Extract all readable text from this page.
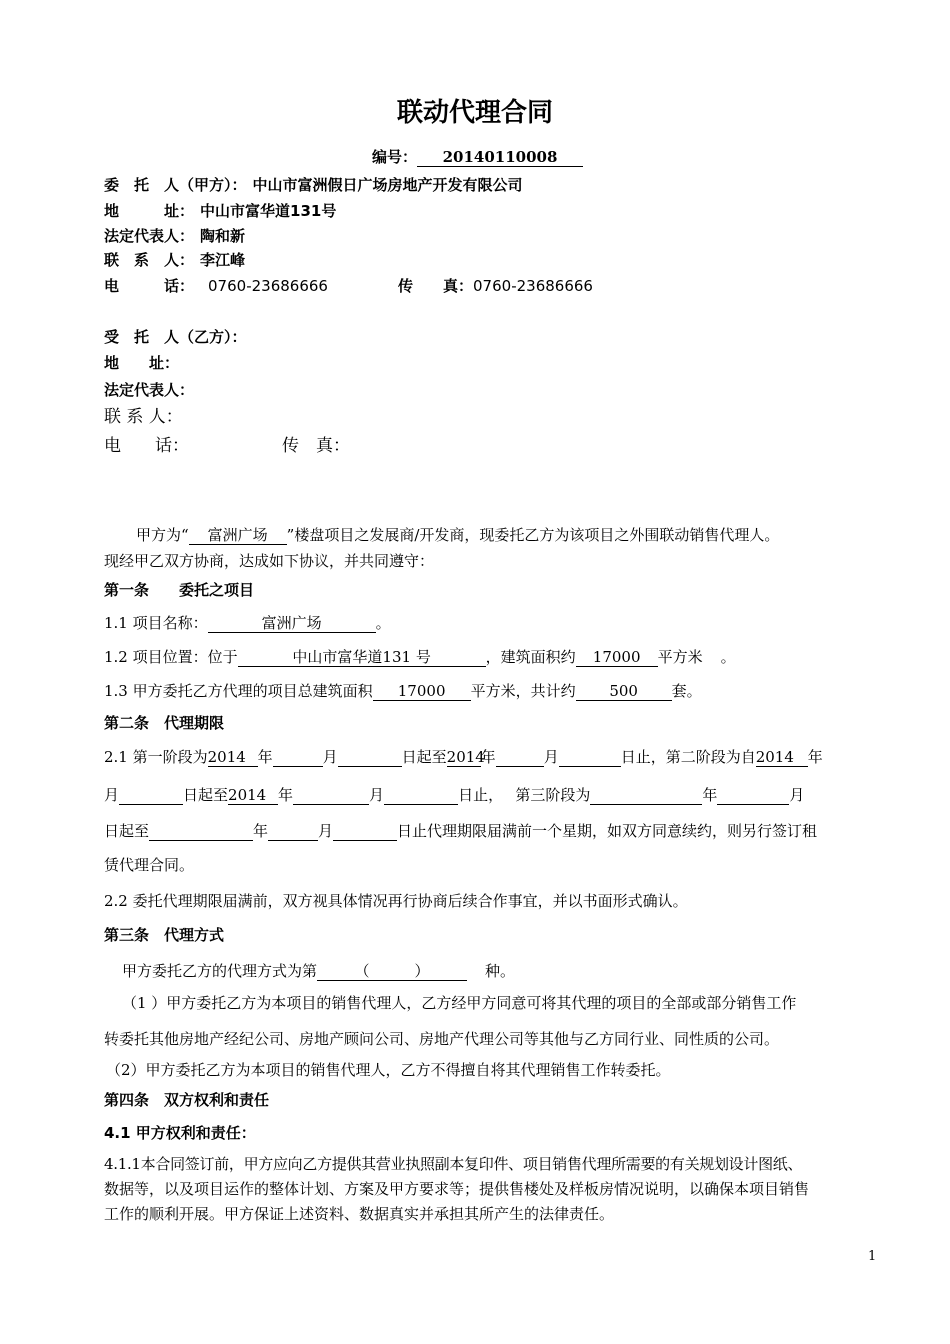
联动代理合同
编号： 20140110008
委　托　人（甲方）： 中山市富洲假日广场房地产开发有限公司
地　　　址： 中山市富华道131号
法定代表人： 陶和新
联　系　人： 李江峰
电　　　话： 0760-23686666	传　　真：0760-23686666
受　托　人（乙方）：
地　　址：
法定代表人：
联 系 人：
电　　话：	传　真：
甲方为“ 富洲广场 ”楼盘项目之发展商/开发商，现委托乙方为该项目之外围联动销售代理人。
现经甲乙双方协商，达成如下协议，并共同遵守：
第一条　　委托之项目
1.1 项目名称：	富洲广场	。
1.2 项目位置：位于	中山市富华道131 号	，建筑面积约 17000 平方米 。
1.3 甲方委托乙方代理的项目总建筑面积 17000 平方米，共计约 500 套。
第二条　代理期限
2.1 第一阶段为2014 年	月	日起至2014年	月	日止，第二阶段为自2014 年
月	日起至2014 年	月	日止，　 第三阶段为	年	月
日起至	年	月	日止代理期限届满前一个星期，如双方同意续约，则另行签订租
赁代理合同。
2.2 委托代理期限届满前，双方视具体情况再行协商后续合作事宜，并以书面形式确认。
第三条　代理方式
甲方委托乙方的代理方式为第 （　　　）	种。
（1 ）甲方委托乙方为本项目的销售代理人，乙方经甲方同意可将其代理的项目的全部或部分销售工作
转委托其他房地产经纪公司、房地产顾问公司、房地产代理公司等其他与乙方同行业、同性质的公司。
（2）甲方委托乙方为本项目的销售代理人，乙方不得擅自将其代理销售工作转委托。
第四条　双方权利和责任
4.1 甲方权利和责任：
4.1.1本合同签订前，甲方应向乙方提供其营业执照副本复印件、项目销售代理所需要的有关规划设计图纸、
数据等，以及项目运作的整体计划、方案及甲方要求等；提供售楼处及样板房情况说明，以确保本项目销售
工作的顺利开展。甲方保证上述资料、数据真实并承担其所产生的法律责任。
1
